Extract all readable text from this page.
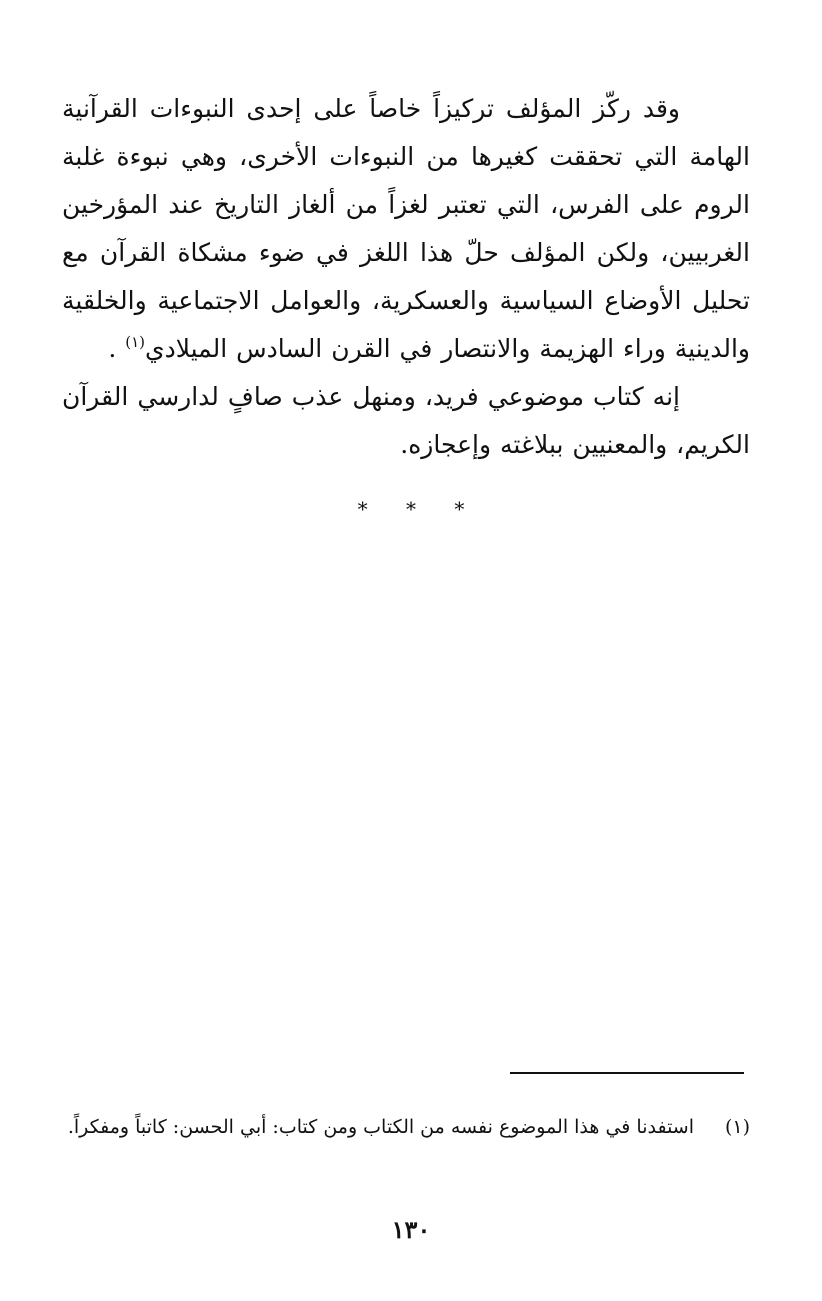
وقد ركّز المؤلف تركيزاً خاصاً على إحدى النبوءات القرآنية الهامة التي تحققت كغيرها من النبوءات الأخرى، وهي نبوءة غلبة الروم على الفرس، التي تعتبر لغزاً من ألغاز التاريخ عند المؤرخين الغربيين، ولكن المؤلف حلّ هذا اللغز في ضوء مشكاة القرآن مع تحليل الأوضاع السياسية والعسكرية، والعوامل الاجتماعية والخلقية والدينية وراء الهزيمة والانتصار في القرن السادس الميلادي$^{(١)}$ .

إنه كتاب موضوعي فريد، ومنهل عذب صافٍ لدارسي القرآن الكريم، والمعنيين ببلاغته وإعجازه.

* * *
(١)

استفدنا في هذا الموضوع نفسه من الكتاب ومن كتاب: أبي الحسن: كاتباً ومفكراً.

١٣٠
